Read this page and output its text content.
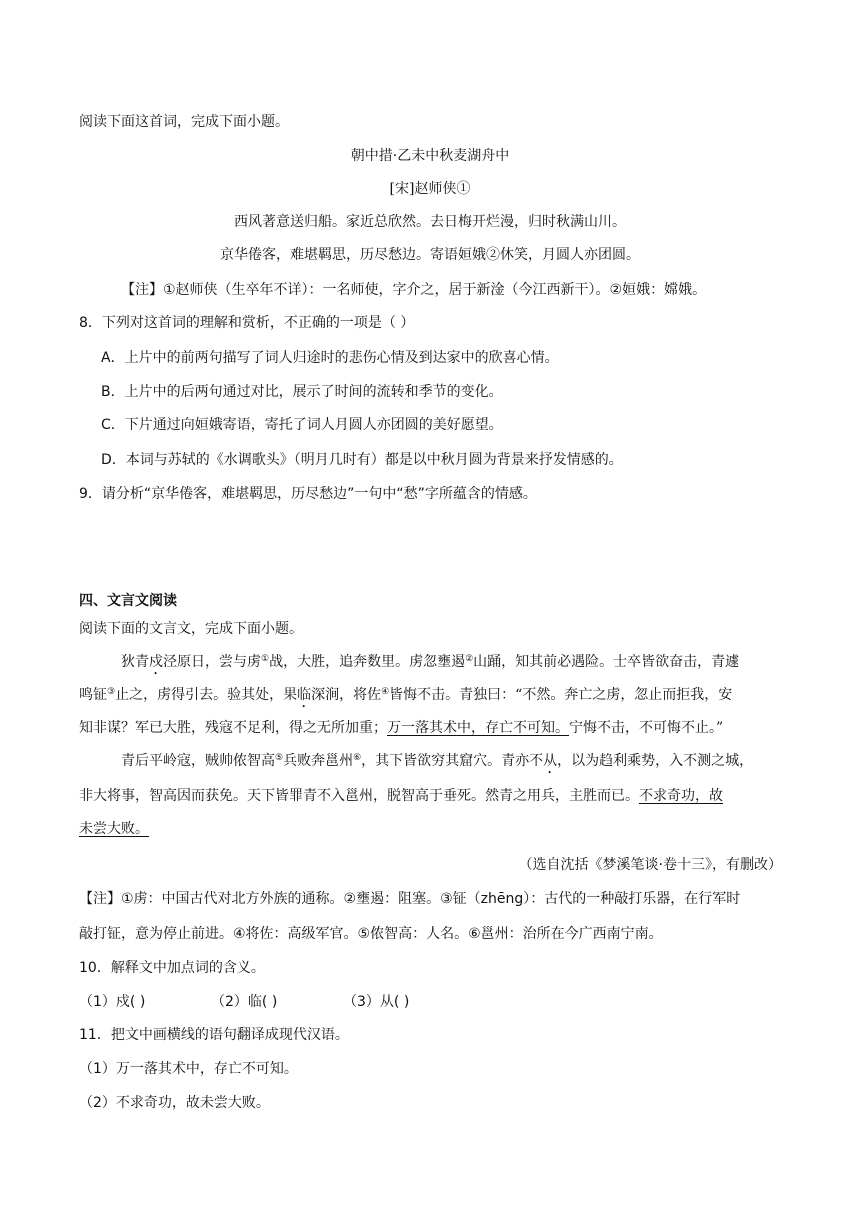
阅读下面这首词，完成下面小题。
朝中措·乙未中秋麦湖舟中
[宋]赵师侠①
西风著意送归船。家近总欣然。去日梅开烂漫，归时秋满山川。
京华倦客，难堪羁思，历尽愁边。寄语姮娥②休笑，月圆人亦团圆。
【注】①赵师侠（生卒年不详）：一名师使，字介之，居于新淦（今江西新干）。②姮娥：嫦娥。
8．下列对这首词的理解和赏析，不正确的一项是（ ）
A．上片中的前两句描写了词人归途时的悲伤心情及到达家中的欣喜心情。
B．上片中的后两句通过对比，展示了时间的流转和季节的变化。
C．下片通过向姮娥寄语，寄托了词人月圆人亦团圆的美好愿望。
D．本词与苏轼的《水调歌头》（明月几时有）都是以中秋月圆为背景来抒发情感的。
9．请分析“京华倦客，难堪羁思，历尽愁边”一句中“愁”字所蕴含的情感。
四、文言文阅读
阅读下面的文言文，完成下面小题。
狄青戍泾原日，尝与虏①战，大胜，追奔数里。虏忽壅遏②山踊，知其前必遇险。士卒皆欲奋击，青遽
鸣钲③止之，虏得引去。验其处，果临深涧，将佐④皆悔不击。青独曰：“不然。奔亡之虏，忽止而拒我，安
知非谋？军已大胜，残寇不足利，得之无所加重；万一落其术中，存亡不可知。宁悔不击，不可悔不止。”
青后平岭寇，贼帅侬智高⑤兵败奔邕州⑥，其下皆欲穷其窟穴。青亦不从，以为趋利乘势，入不测之城，
非大将事，智高因而获免。天下皆罪青不入邕州，脱智高于垂死。然青之用兵，主胜而已。不求奇功，故
未尝大败。
（选自沈括《梦溪笔谈·卷十三》，有删改）
【注】①虏：中国古代对北方外族的通称。②壅遏：阻塞。③钲（zhēng）：古代的一种敲打乐器，在行军时
敲打钲，意为停止前进。④将佐：高级军官。⑤侬智高：人名。⑥邕州：治所在今广西南宁南。
10．解释文中加点词的含义。
（1）戍( )	（2）临( )	（3）从( )
11．把文中画横线的语句翻译成现代汉语。
（1）万一落其术中，存亡不可知。
（2）不求奇功，故未尝大败。
